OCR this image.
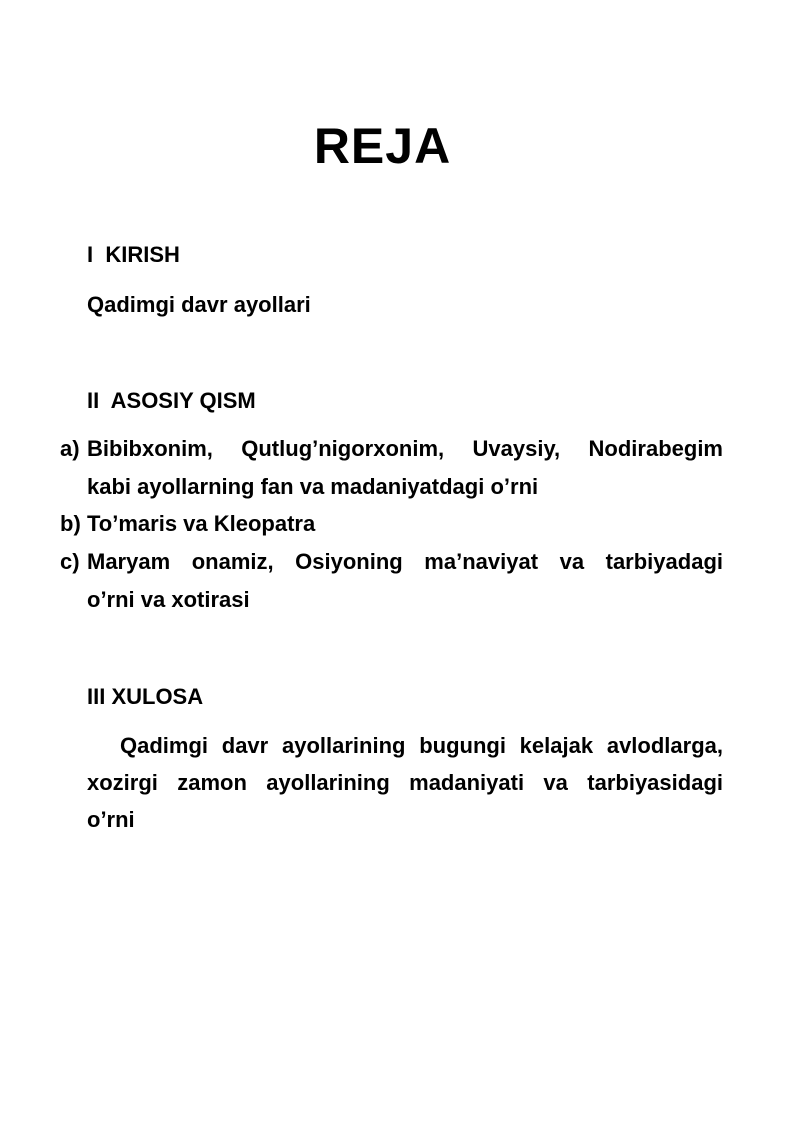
REJA
I  KIRISH
Qadimgi davr ayollari
II  ASOSIY QISM
a) Bibibxonim, Qutlug’nigorxonim, Uvaysiy, Nodirabegim
kabi ayollarning fan va madaniyatdagi o’rni
b) To’maris va Kleopatra
c) Maryam onamiz, Osiyoning ma’naviyat va tarbiyadagi
o’rni va xotirasi
III XULOSA
Qadimgi davr ayollarining bugungi kelajak avlodlarga,
xozirgi zamon ayollarining madaniyati va tarbiyasidagi
o’rni
